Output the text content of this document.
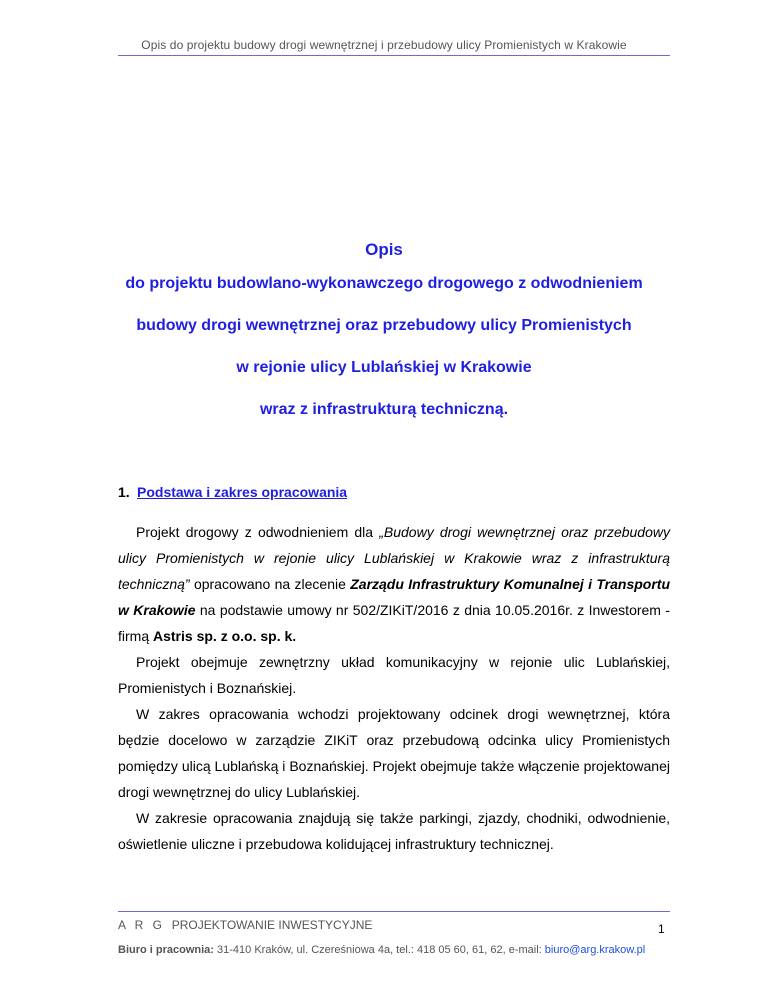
Opis do projektu budowy drogi wewnętrznej i przebudowy ulicy Promienistych w Krakowie
Opis
do projektu budowlano-wykonawczego drogowego z odwodnieniem
budowy drogi wewnętrznej oraz przebudowy ulicy Promienistych
w rejonie ulicy Lublańskiej w Krakowie
wraz z infrastrukturą techniczną.
1. Podstawa i zakres opracowania

Projekt drogowy z odwodnieniem dla „Budowy drogi wewnętrznej oraz przebudowy ulicy Promienistych w rejonie ulicy Lublańskiej w Krakowie wraz z infrastrukturą techniczną” opracowano na zlecenie Zarządu Infrastruktury Komunalnej i Transportu w Krakowie na podstawie umowy nr 502/ZIKiT/2016 z dnia 10.05.2016r. z Inwestorem - firmą Astris sp. z o.o. sp. k.

Projekt obejmuje zewnętrzny układ komunikacyjny w rejonie ulic Lublańskiej, Promienistych i Boznańskiej.

W zakres opracowania wchodzi projektowany odcinek drogi wewnętrznej, która będzie docelowo w zarządzie ZIKiT oraz przebudową odcinka ulicy Promienistych pomiędzy ulicą Lublańską i Boznańskiej. Projekt obejmuje także włączenie projektowanej drogi wewnętrznej do ulicy Lublańskiej.

W zakresie opracowania znajdują się także parkingi, zjazdy, chodniki, odwodnienie, oświetlenie uliczne i przebudowa kolidującej infrastruktury technicznej.

A R G PROJEKTOWANIE INWESTYCYJNE	1
Biuro i pracownia: 31-410 Kraków, ul. Czereśniowa 4a, tel.: 418 05 60, 61, 62, e-mail: biuro@arg.krakow.pl
